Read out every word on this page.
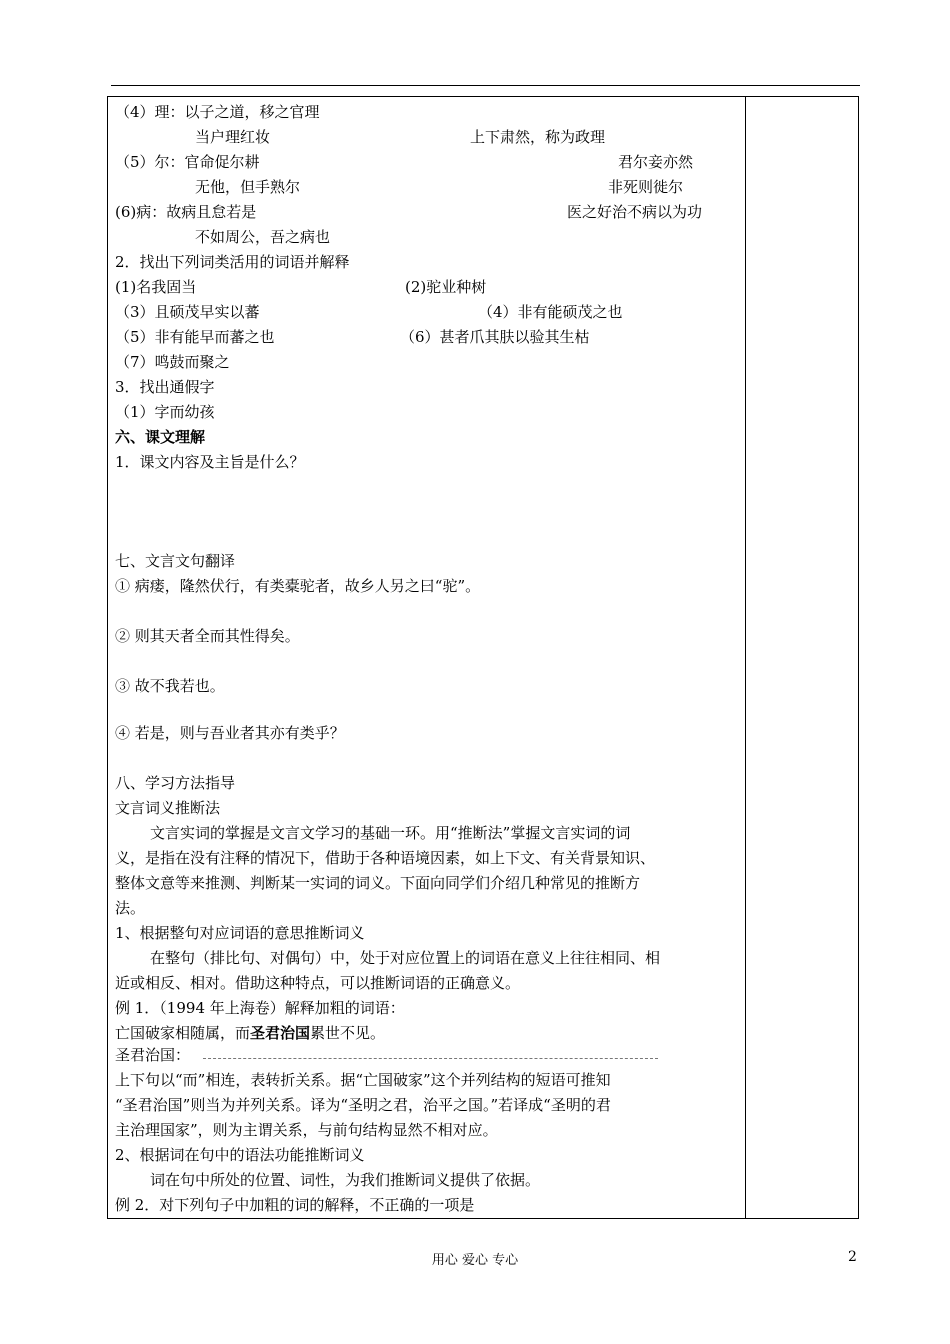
（4）理：以子之道，移之官理
当户理红妆	上下肃然，称为政理
（5）尔：官命促尔耕	君尔妾亦然
无他，但手熟尔	非死则徙尔
(6)病：故病且怠若是	医之好治不病以为功
不如周公，吾之病也
2．找出下列词类活用的词语并解释
(1)名我固当	(2)驼业种树
（3）且硕茂早实以蕃	（4）非有能硕茂之也
（5）非有能早而蕃之也	（6）甚者爪其肤以验其生枯
（7）鸣鼓而聚之
3．找出通假字
（1）字而幼孩
六、课文理解
1．课文内容及主旨是什么？
七、文言文句翻译
① 病瘘，隆然伏行，有类橐驼者，故乡人另之曰“驼”。
② 则其天者全而其性得矣。
③ 故不我若也。
④ 若是，则与吾业者其亦有类乎？
八、学习方法指导
文言词义推断法
文言实词的掌握是文言文学习的基础一环。用“推断法”掌握文言实词的词
义，是指在没有注释的情况下，借助于各种语境因素，如上下文、有关背景知识、
整体文意等来推测、判断某一实词的词义。下面向同学们介绍几种常见的推断方
法。
1、根据整句对应词语的意思推断词义
在整句（排比句、对偶句）中，处于对应位置上的词语在意义上往往相同、相
近或相反、相对。借助这种特点，可以推断词语的正确意义。
例 1．（1994 年上海卷）解释加粗的词语：
亡国破家相随属，而圣君治国累世不见。
圣君治国：
上下句以“而”相连，表转折关系。据“亡国破家”这个并列结构的短语可推知
“圣君治国”则当为并列关系。译为“圣明之君，治平之国。”若译成“圣明的君
主治理国家”，则为主谓关系，与前句结构显然不相对应。
2、根据词在句中的语法功能推断词义
词在句中所处的位置、词性，为我们推断词义提供了依据。
例 2．对下列句子中加粗的词的解释，不正确的一项是
用心 爱心 专心	2
